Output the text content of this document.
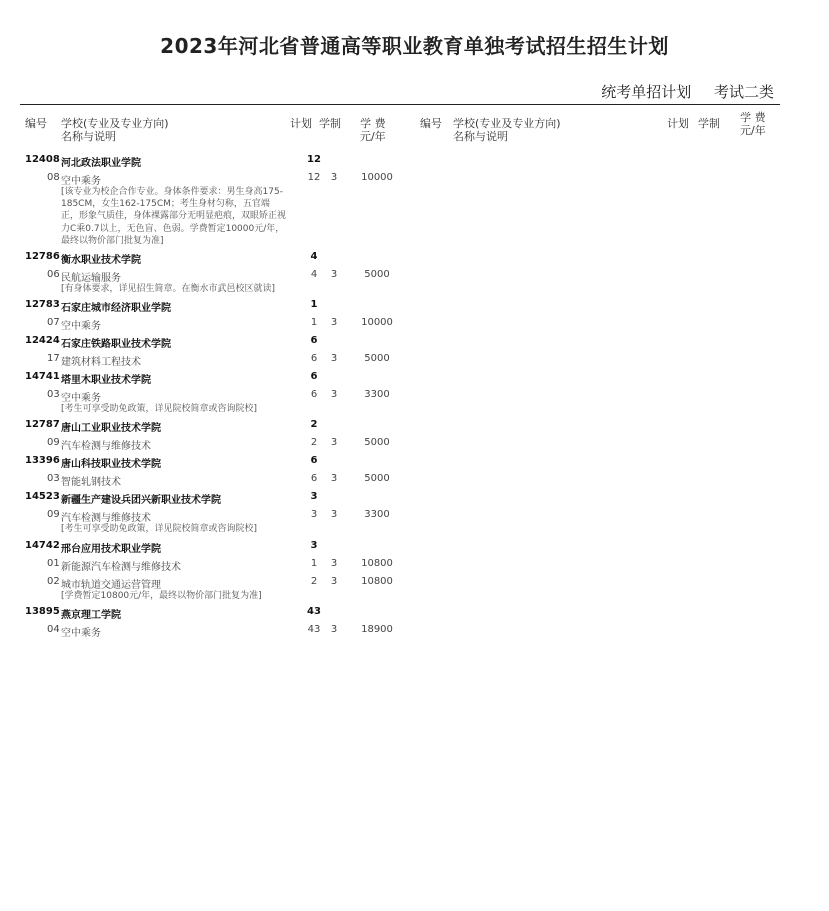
2023年河北省普通高等职业教育单独考试招生招生计划
统考单招计划 考试二类
编号 学校(专业及专业方向)
名称与说明
计划 学制 学 费
元/年
编号 学校(专业及专业方向)
名称与说明
计划 学制 学 费
元/年
12408 河北政法职业学院	12
08 空中乘务	12	3	10000
[该专业为校企合作专业。身体条件要求：男生身高175-185CM，女生162-175CM；考生身材匀称，五官端正，形象气质佳，身体裸露部分无明显疤痕，双眼矫正视力C乘0.7以上，无色盲、色弱。学费暂定10000元/年，最终以物价部门批复为准]
12786 衡水职业技术学院	4
06 民航运输服务	4	3	5000
[有身体要求，详见招生简章。在衡水市武邑校区就读]
12783 石家庄城市经济职业学院	1
07 空中乘务	1	3	10000
12424 石家庄铁路职业技术学院	6
17 建筑材料工程技术	6	3	5000
14741 塔里木职业技术学院	6
03 空中乘务	6	3	3300
[考生可享受助免政策，详见院校简章或咨询院校]
12787 唐山工业职业技术学院	2
09 汽车检测与维修技术	2	3	5000
13396 唐山科技职业技术学院	6
03 智能轧钢技术	6	3	5000
14523 新疆生产建设兵团兴新职业技术学院	3
09 汽车检测与维修技术	3	3	3300
[考生可享受助免政策，详见院校简章或咨询院校]
14742 邢台应用技术职业学院	3
01 新能源汽车检测与维修技术	1	3	10800
02 城市轨道交通运营管理	2	3	10800
[学费暂定10800元/年，最终以物价部门批复为准]
13895 燕京理工学院	43
04 空中乘务	43	3	18900
